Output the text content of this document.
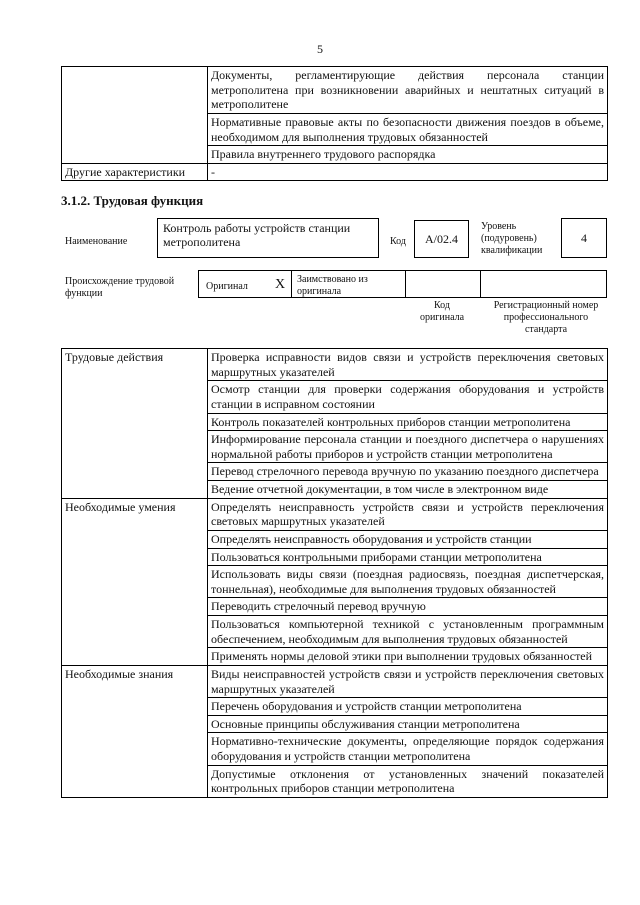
5
	Документы, регламентирующие действия персонала станции метрополитена при возникновении аварийных и нештатных ситуаций в метрополитене
	Нормативные правовые акты по безопасности движения поездов в объеме, необходимом для выполнения трудовых обязанностей
	Правила внутреннего трудового распорядка
Другие характеристики	-
3.1.2. Трудовая функция
Наименование
Контроль работы устройств станции метрополитена	Код A/02.4
Уровень (подуровень) квалификации
4
Происхождение трудовой функции
Оригинал Х Заимствовано из оригинала
Код оригинала
Регистрационный номер профессионального стандарта
Трудовые действия	Проверка исправности видов связи и устройств переключения световых маршрутных указателей
	Осмотр станции для проверки содержания оборудования и устройств станции в исправном состоянии
	Контроль показателей контрольных приборов станции метрополитена
	Информирование персонала станции и поездного диспетчера о нарушениях нормальной работы приборов и устройств станции метрополитена
	Перевод стрелочного перевода вручную по указанию поездного диспетчера
	Ведение отчетной документации, в том числе в электронном виде
Необходимые умения	Определять неисправность устройств связи и устройств переключения световых маршрутных указателей
	Определять неисправность оборудования и устройств станции
	Пользоваться контрольными приборами станции метрополитена
	Использовать виды связи (поездная радиосвязь, поездная диспетчерская, тоннельная), необходимые для выполнения трудовых обязанностей
	Переводить стрелочный перевод вручную
	Пользоваться компьютерной техникой с установленным программным обеспечением, необходимым для выполнения трудовых обязанностей
	Применять нормы деловой этики при выполнении трудовых обязанностей
Необходимые знания	Виды неисправностей устройств связи и устройств переключения световых маршрутных указателей
	Перечень оборудования и устройств станции метрополитена
	Основные принципы обслуживания станции метрополитена
	Нормативно-технические документы, определяющие порядок содержания оборудования и устройств станции метрополитена
	Допустимые отклонения от установленных значений показателей контрольных приборов станции метрополитена
